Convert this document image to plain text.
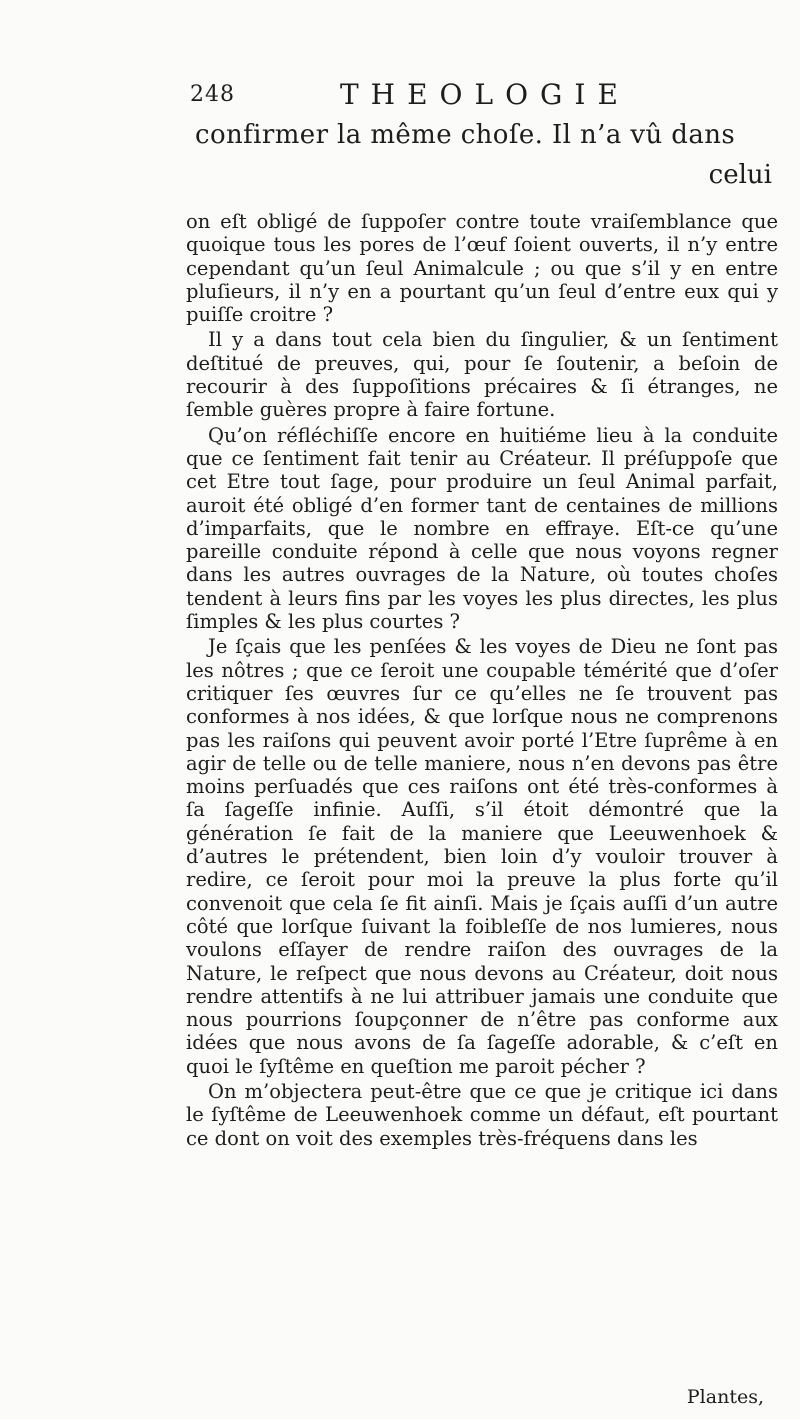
248	THEOLOGIE
confirmer la même choſe. Il n’a vû dans
celui

on eſt obligé de ſuppoſer contre toute vraiſemblance que quoique tous les pores de l’œuf ſoient ouverts, il n’y entre cependant qu’un ſeul Animalcule ; ou que s’il y en entre pluſieurs, il n’y en a pourtant qu’un ſeul d’entre eux qui y puiſſe croitre ?

Il y a dans tout cela bien du ſingulier, & un ſentiment deſtitué de preuves, qui, pour ſe ſoutenir, a beſoin de recourir à des ſuppoſitions précaires & ſi étranges, ne ſemble guères propre à faire fortune.

Qu’on réfléchiſſe encore en huitiéme lieu à la conduite que ce ſentiment fait tenir au Créateur. Il préſuppoſe que cet Etre tout ſage, pour produire un ſeul Animal parfait, auroit été obligé d’en former tant de centaines de millions d’imparfaits, que le nombre en effraye. Eſt-ce qu’une pareille conduite répond à celle que nous voyons regner dans les autres ouvrages de la Nature, où toutes choſes tendent à leurs fins par les voyes les plus directes, les plus ſimples & les plus courtes ?

Je ſçais que les penſées & les voyes de Dieu ne ſont pas les nôtres ; que ce ſeroit une coupable témérité que d’oſer critiquer ſes œuvres ſur ce qu’elles ne ſe trouvent pas conformes à nos idées, & que lorſque nous ne comprenons pas les raiſons qui peuvent avoir porté l’Etre ſuprême à en agir de telle ou de telle maniere, nous n’en devons pas être moins perſuadés que ces raiſons ont été très-conformes à ſa ſageſſe infinie. Auſſi, s’il étoit démontré que la génération ſe fait de la maniere que Leeuwenhoek & d’autres le prétendent, bien loin d’y vouloir trouver à redire, ce ſeroit pour moi la preuve la plus forte qu’il convenoit que cela ſe fit ainſi. Mais je ſçais auſſi d’un autre côté que lorſque ſuivant la foibleſſe de nos lumieres, nous voulons eſſayer de rendre raiſon des ouvrages de la Nature, le reſpect que nous devons au Créateur, doit nous rendre attentifs à ne lui attribuer jamais une conduite que nous pourrions ſoupçonner de n’être pas conforme aux idées que nous avons de ſa ſageſſe adorable, & c’eſt en quoi le ſyſtême en queſtion me paroit pécher ?

On m’objectera peut-être que ce que je critique ici dans le ſyſtême de Leeuwenhoek comme un défaut, eſt pourtant ce dont on voit des exemples très-fréquens dans les

Plantes,
